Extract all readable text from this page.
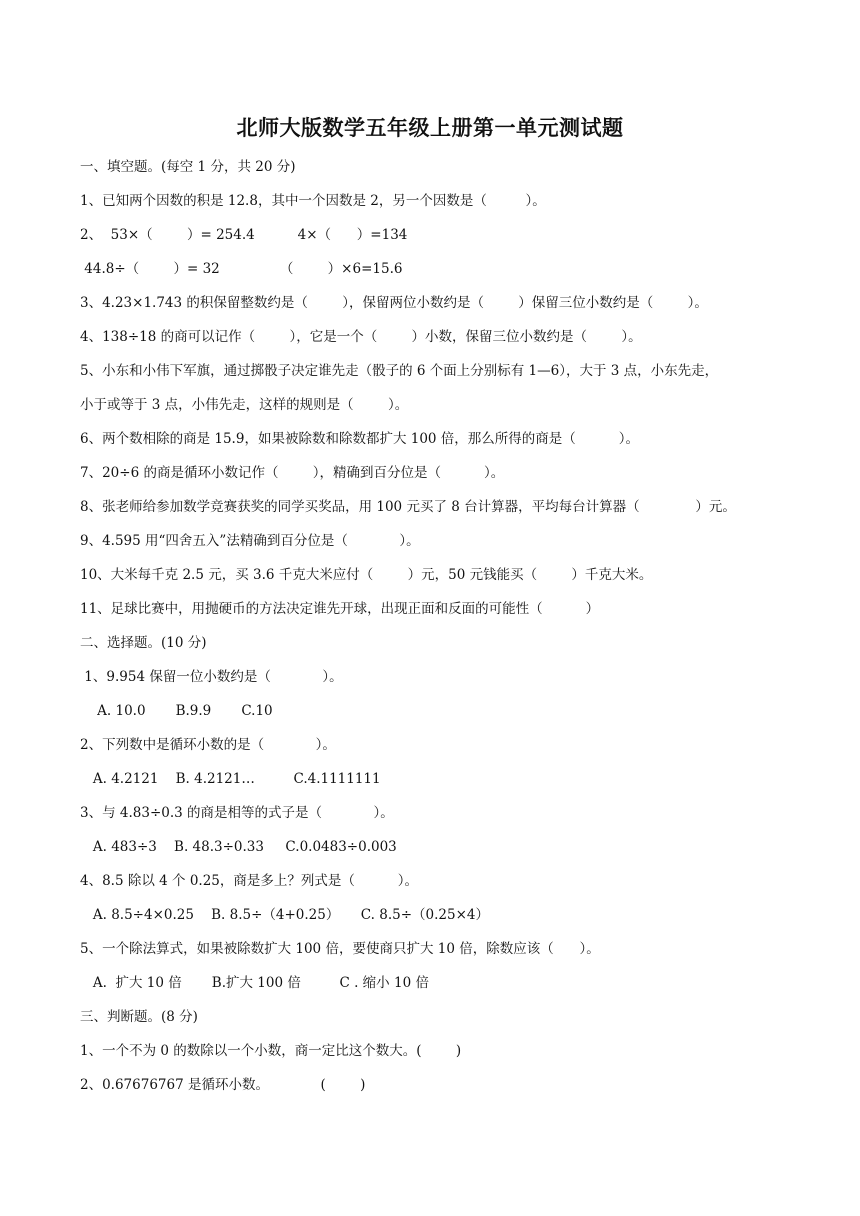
北师大版数学五年级上册第一单元测试题
一、填空题。(每空 1 分，共 20 分)
1、已知两个因数的积是 12.8，其中一个因数是 2，另一个因数是（         ）。
2、  53×（        ）= 254.4          4×（      ）=134
44.8÷（        ）= 32              （        ）×6=15.6
3、4.23×1.743 的积保留整数约是（        ），保留两位小数约是（        ）保留三位小数约是（        ）。
4、138÷18 的商可以记作（        ），它是一个（        ）小数，保留三位小数约是（        ）。
5、小东和小伟下军旗，通过掷骰子决定谁先走（骰子的 6 个面上分别标有 1—6），大于 3 点，小东先走，
小于或等于 3 点，小伟先走，这样的规则是（        ）。
6、两个数相除的商是 15.9，如果被除数和除数都扩大 100 倍，那么所得的商是（          ）。
7、20÷6 的商是循环小数记作（        ），精确到百分位是（          ）。
8、张老师给参加数学竞赛获奖的同学买奖品，用 100 元买了 8 台计算器，平均每台计算器（             ）元。
9、4.595 用“四舍五入”法精确到百分位是（            ）。
10、大米每千克 2.5 元，买 3.6 千克大米应付（        ）元，50 元钱能买（        ）千克大米。
11、足球比赛中，用抛硬币的方法决定谁先开球，出现正面和反面的可能性（          ）
二、选择题。(10 分)
1、9.954 保留一位小数约是（            ）。
A. 10.0       B.9.9       C.10
2、下列数中是循环小数的是（            ）。
A. 4.2121    B. 4.2121…         C.4.1111111
3、与 4.83÷0.3 的商是相等的式子是（            ）。
A. 483÷3    B. 48.3÷0.33     C.0.0483÷0.003
4、8.5 除以 4 个 0.25，商是多上？列式是（          ）。
A. 8.5÷4×0.25    B. 8.5÷（4+0.25）     C. 8.5÷（0.25×4）
5、一个除法算式，如果被除数扩大 100 倍，要使商只扩大 10 倍，除数应该（      ）。
A.  扩大 10 倍       B.扩大 100 倍         C . 缩小 10 倍
三、判断题。(8 分)
1、一个不为 0 的数除以一个小数，商一定比这个数大。(        )
2、0.67676767 是循环小数。            (        )
